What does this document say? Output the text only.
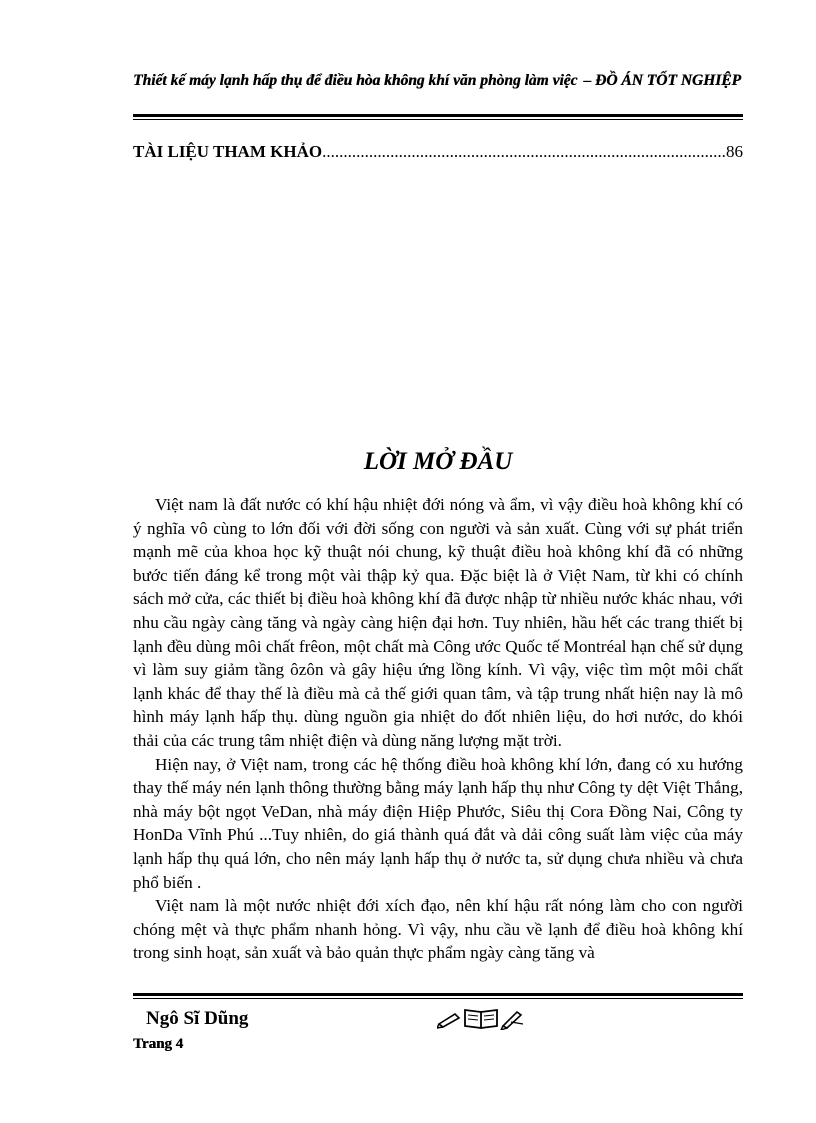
Thiết kế máy lạnh hấp thụ để điều hòa không khí văn phòng làm việc – ĐỒ ÁN TỐT NGHIỆP
TÀI LIỆU THAM KHẢO
.....	86
LỜI MỞ ĐẦU

Việt nam là đất nước có khí hậu nhiệt đới nóng và ẩm, vì vậy điều hoà không khí có ý nghĩa vô cùng to lớn đối với đời sống con người và sản xuất. Cùng với sự phát triển mạnh mẽ của khoa học kỹ thuật nói chung, kỹ thuật điều hoà không khí đã có những bước tiến đáng kể trong một vài thập kỷ qua. Đặc biệt là ở Việt Nam, từ khi có chính sách mở cửa, các thiết bị điều hoà không khí đã được nhập từ nhiều nước khác nhau, với nhu cầu ngày càng tăng và ngày càng hiện đại hơn. Tuy nhiên, hầu hết các trang thiết bị lạnh đều dùng môi chất frêon, một chất mà Công ước Quốc tế Montréal hạn chế sử dụng vì làm suy giảm tầng ôzôn và gây hiệu ứng lồng kính. Vì vậy, việc tìm một môi chất lạnh khác để thay thế là điều mà cả thế giới quan tâm, và tập trung nhất hiện nay là mô hình máy lạnh hấp thụ. dùng nguồn gia nhiệt do đốt nhiên liệu, do hơi nước, do khói thải của các trung tâm nhiệt điện và dùng năng lượng mặt trời.

Hiện nay, ở Việt nam, trong các hệ thống điều hoà không khí lớn, đang có xu hướng thay thế máy nén lạnh thông thường bằng máy lạnh hấp thụ như Công ty dệt Việt Thắng, nhà máy bột ngọt VeDan, nhà máy điện Hiệp Phước, Siêu thị Cora Đồng Nai, Công ty HonDa Vĩnh Phú ...Tuy nhiên, do giá thành quá đắt và dải công suất làm việc của máy lạnh hấp thụ quá lớn, cho nên máy lạnh hấp thụ ở nước ta, sử dụng chưa nhiều và chưa phổ biến .

Việt nam là một nước nhiệt đới xích đạo, nên khí hậu rất nóng làm cho con người chóng mệt và thực phẩm nhanh hỏng. Vì vậy, nhu cầu về lạnh để điều hoà không khí trong sinh hoạt, sản xuất và bảo quản thực phẩm ngày càng tăng và

Ngô Sĩ Dũng
Trang 4
